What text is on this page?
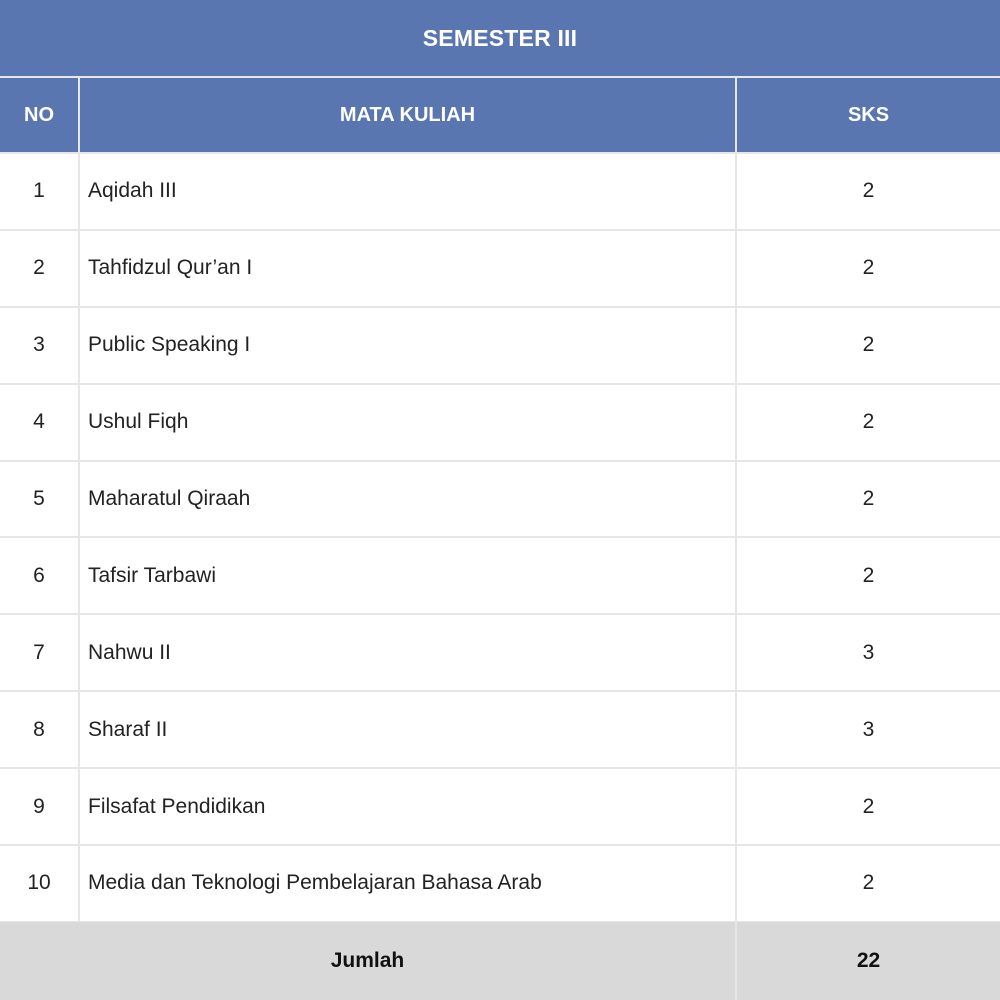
SEMESTER III
NO	MATA KULIAH	SKS
1	Aqidah III	2
2	Tahfidzul Qur’an I	2
3	Public Speaking I	2
4	Ushul Fiqh	2
5	Maharatul Qiraah	2
6	Tafsir Tarbawi	2
7	Nahwu II	3
8	Sharaf II	3
9	Filsafat Pendidikan	2
10	Media dan Teknologi Pembelajaran Bahasa Arab	2
Jumlah	22
